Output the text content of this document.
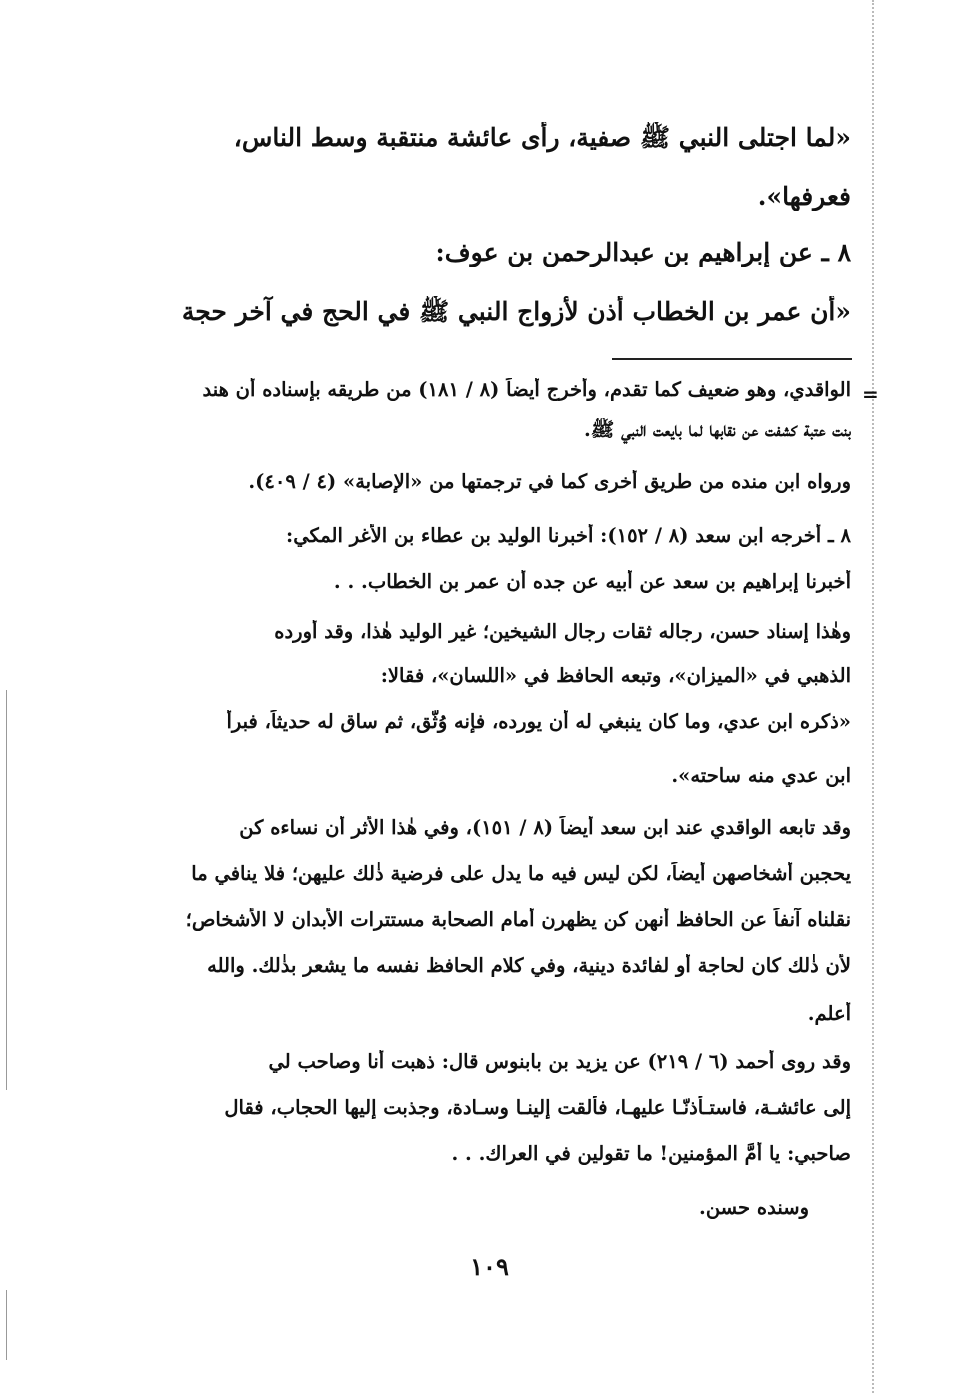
«لما اجتلى النبي ﷺ صفية، رأى عائشة منتقبة وسط الناس،
فعرفها».
٨ ـ عن إبراهيم بن عبدالرحمن بن عوف:
«أن عمر بن الخطاب أذن لأزواج النبي ﷺ في الحج في آخر حجة
=
الواقدي، وهو ضعيف كما تقدم، وأخرج أيضاً (٨ / ١٨١) من طريقه بإسناده أن هند
بنت عتبة كشفت عن نقابها لما بايعت النبي ﷺ.
ورواه ابن منده من طريق أخرى كما في ترجمتها من «الإصابة» (٤ / ٤٠٩).
٨ ـ أخرجه ابن سعد (٨ / ١٥٢): أخبرنا الوليد بن عطاء بن الأغر المكي:
أخبرنا إبراهيم بن سعد عن أبيه عن جده أن عمر بن الخطاب. . .
وهٰذا إسناد حسن، رجاله ثقات رجال الشيخين؛ غير الوليد هٰذا، وقد أورده
الذهبي في «الميزان»، وتبعه الحافظ في «اللسان»، فقالا:
«ذكره ابن عدي، وما كان ينبغي له أن يورده، فإنه وُثّق، ثم ساق له حديثاً، فبرأ
ابن عدي منه ساحته».
وقد تابعه الواقدي عند ابن سعد أيضاً (٨ / ١٥١)، وفي هٰذا الأثر أن نساءه كن
يحجبن أشخاصهن أيضاً، لكن ليس فيه ما يدل على فرضية ذٰلك عليهن؛ فلا ينافي ما
نقلناه آنفاً عن الحافظ أنهن كن يظهرن أمام الصحابة مستترات الأبدان لا الأشخاص؛
لأن ذٰلك كان لحاجة أو لفائدة دينية، وفي كلام الحافظ نفسه ما يشعر بذٰلك. والله
أعلم.
وقد روى أحمد (٦ / ٢١٩) عن يزيد بن بابنوس قال: ذهبت أنا وصاحب لي
إلى عائشـة، فاستـأذنّـا عليهـا، فألقت إلينـا وسـادة، وجذبت إليها الحجاب، فقال
صاحبي: يا أمَّ المؤمنين! ما تقولين في العراك. . .
وسنده حسن.
١٠٩
